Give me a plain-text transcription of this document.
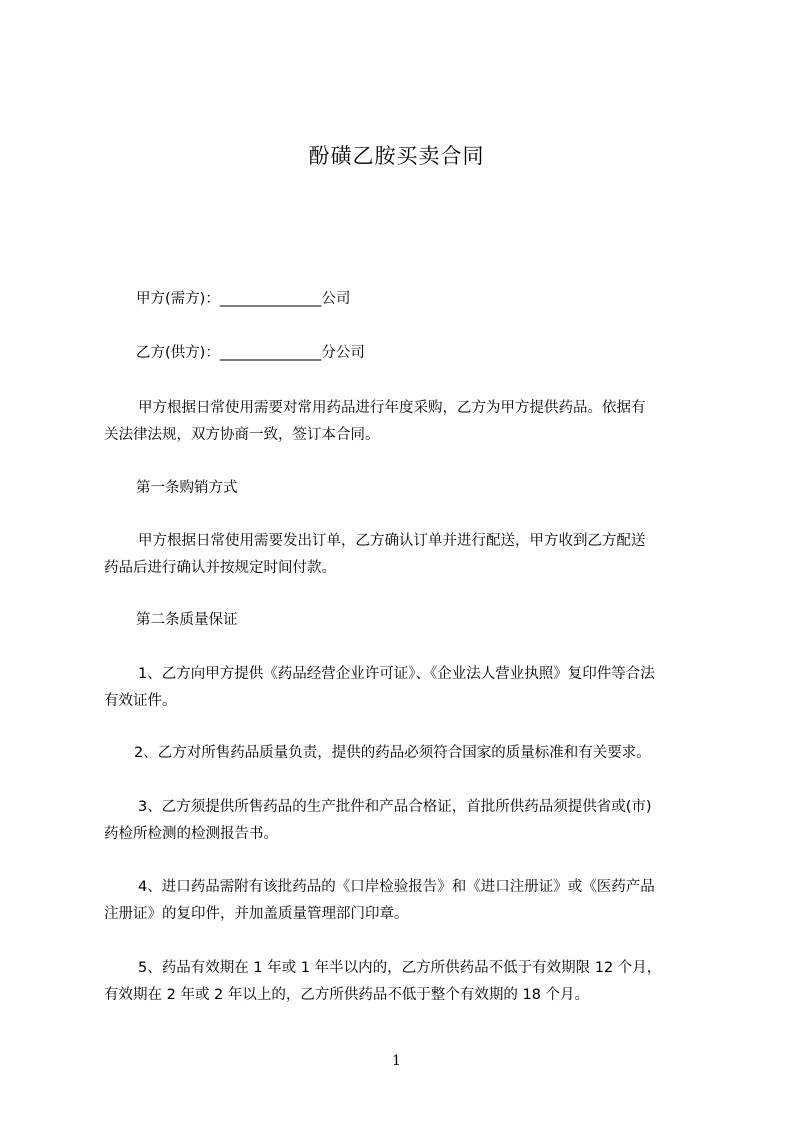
酚磺乙胺买卖合同
甲方(需方)：______________公司
乙方(供方)：______________分公司
甲方根据日常使用需要对常用药品进行年度采购，乙方为甲方提供药品。依据有
关法律法规，双方协商一致，签订本合同。
第一条购销方式
甲方根据日常使用需要发出订单，乙方确认订单并进行配送，甲方收到乙方配送
药品后进行确认并按规定时间付款。
第二条质量保证
1、乙方向甲方提供《药品经营企业许可证》、《企业法人营业执照》复印件等合法
有效证件。
2、乙方对所售药品质量负责，提供的药品必须符合国家的质量标准和有关要求。
3、乙方须提供所售药品的生产批件和产品合格证，首批所供药品须提供省或(市)
药检所检测的检测报告书。
4、进口药品需附有该批药品的《口岸检验报告》和《进口注册证》或《医药产品
注册证》的复印件，并加盖质量管理部门印章。
5、药品有效期在 1 年或 1 年半以内的，乙方所供药品不低于有效期限 12 个月，
有效期在 2 年或 2 年以上的，乙方所供药品不低于整个有效期的 18 个月。
1
